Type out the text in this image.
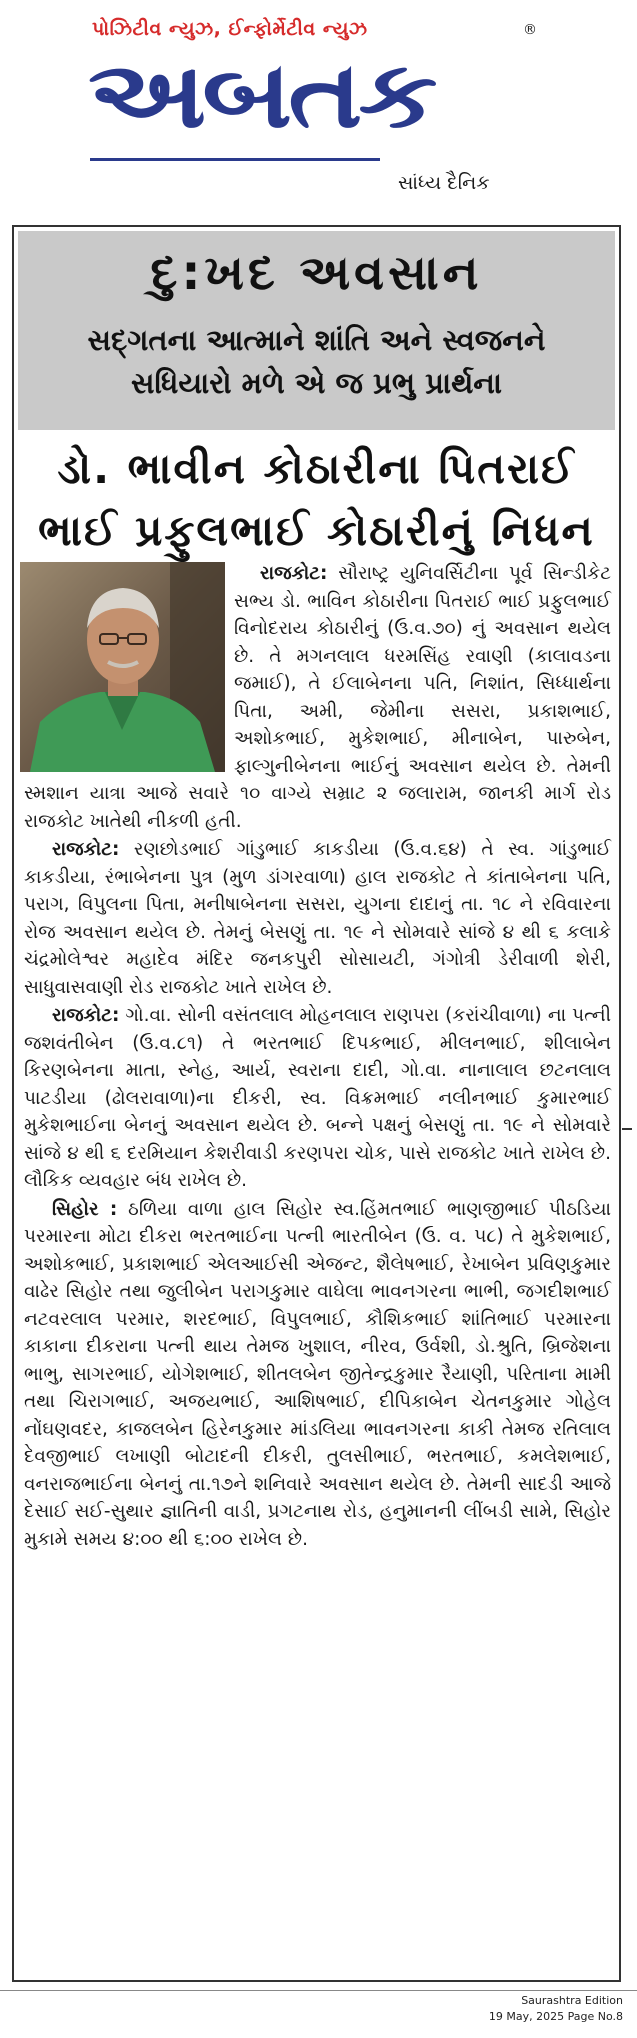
પોઝિટીવ ન્યુઝ, ઈન્ફોર્મેટીવ ન્યુઝ	®
અબતક
સાંધ્ય દૈનિક
દુ:ખદ અવસાન
સદ્ગતના આત્માને શાંતિ અને સ્વજનને
સધિયારો મળે એ જ પ્રભુ પ્રાર્થના
ડો. ભાવીન કોઠારીના પિતરાઈ
ભાઈ પ્રફુલભાઈ કોઠારીનું નિધન

રાજકોટ: સૌરાષ્ટ્ર યુનિવર્સિટીના પૂર્વ સિન્ડીકેટ સભ્ય ડો. ભાવિન કોઠારીના પિતરાઈ ભાઈ પ્રફુલભાઈ વિનોદરાય કોઠારીનું (ઉ.વ.૭૦) નું અવસાન થયેલ છે. તે મગનલાલ ધરમસિંહ રવાણી (કાલાવડના જમાઈ), તે ઈલાબેનના પતિ, નિશાંત, સિધ્ધાર્થના પિતા, અમી, જેમીના સસરા, પ્રકાશભાઈ, અશોકભાઈ, મુકેશભાઈ, મીનાબેન, પારુબેન, ફાલ્ગુનીબેનના ભાઈનું અવસાન થયેલ છે. તેમની સ્મશાન યાત્રા આજે સવારે ૧૦ વાગ્યે સમ્રાટ ૨ જલારામ, જાનકી માર્ગ રોડ રાજકોટ ખાતેથી નીકળી હતી.

રાજકોટ: રણછોડભાઈ ગાંડુભાઈ કાકડીયા (ઉ.વ.૬૪) તે સ્વ. ગાંડુભાઈ કાકડીયા, રંભાબેનના પુત્ર (મુળ ડાંગરવાળા) હાલ રાજકોટ તે કાંતાબેનના પતિ, પરાગ, વિપુલના પિતા, મનીષાબેનના સસરા, યુગના દાદાનું તા. ૧૮ ને રવિવારના રોજ અવસાન થયેલ છે. તેમનું બેસણું તા. ૧૯ ને સોમવારે સાંજે ૪ થી ૬ કલાકે ચંદ્રમોલેશ્વર મહાદેવ મંદિર જનકપુરી સોસાયટી, ગંગોત્રી ડેરીવાળી શેરી, સાધુવાસવાણી રોડ રાજકોટ ખાતે રાખેલ છે.

રાજકોટ: ગો.વા. સોની વસંતલાલ મોહનલાલ રાણપરા (કરાંચીવાળા) ના પત્ની જશવંતીબેન (ઉ.વ.૮૧) તે ભરતભાઈ દિપકભાઈ, મીલનભાઈ, શીલાબેન કિરણબેનના માતા, સ્નેહ, આર્ય, સ્વરાના દાદી, ગો.વા. નાનાલાલ છટનલાલ પાટડીયા (ઢોલરાવાળા)ના દીકરી, સ્વ. વિક્રમભાઈ નલીનભાઈ કુમારભાઈ મુકેશભાઈના બેનનું અવસાન થયેલ છે. બન્ને પક્ષનું બેસણું તા. ૧૯ ને સોમવારે સાંજે ૪ થી ૬ દરમિયાન કેશરીવાડી કરણપરા ચોક, પાસે રાજકોટ ખાતે રાખેલ છે. લૌકિક વ્યવહાર બંધ રાખેલ છે.

સિહોર : ઠળિયા વાળા હાલ સિહોર સ્વ.હિંમતભાઈ ભાણજીભાઈ પીઠડિયા પરમારના મોટા દીકરા ભરતભાઈના પત્ની ભારતીબેન (ઉ. વ. ૫૮) તે મુકેશભાઈ, અશોકભાઈ, પ્રકાશભાઈ એલઆઈસી એજન્ટ, શૈલેષભાઈ, રેખાબેન પ્રવિણકુમાર વાઢેર સિહોર તથા જુલીબેન પરાગકુમાર વાઘેલા ભાવનગરના ભાભી, જગદીશભાઈ નટવરલાલ પરમાર, શરદભાઈ, વિપુલભાઈ, કૌશિકભાઈ શાંતિભાઈ પરમારના કાકાના દીકરાના પત્ની થાય તેમજ ખુશાલ, નીરવ, ઉર્વશી, ડો.શ્રુતિ, બ્રિજેશના ભાભુ, સાગરભાઈ, યોગેશભાઈ, શીતલબેન જીતેન્દ્રકુમાર રૈયાણી, પરિતાના મામી તથા ચિરાગભાઈ, અજયભાઈ, આશિષભાઈ, દીપિકાબેન ચેતનકુમાર ગોહેલ નોંઘણવદર, કાજલબેન હિરેનકુમાર માંડલિયા ભાવનગરના કાકી તેમજ રતિલાલ દેવજીભાઈ લખાણી બોટાદની દીકરી, તુલસીભાઈ, ભરતભાઈ, કમલેશભાઈ, વનરાજભાઈના બેનનું તા.૧૭ને શનિવારે અવસાન થયેલ છે. તેમની સાદડી આજે દેસાઈ સઈ-સુથાર જ્ઞાતિની વાડી, પ્રગટનાથ રોડ, હનુમાનની લીંબડી સામે, સિહોર મુકામે સમય ૪:૦૦ થી ૬:૦૦ રાખેલ છે.

Saurashtra Edition
19 May, 2025 Page No.8
